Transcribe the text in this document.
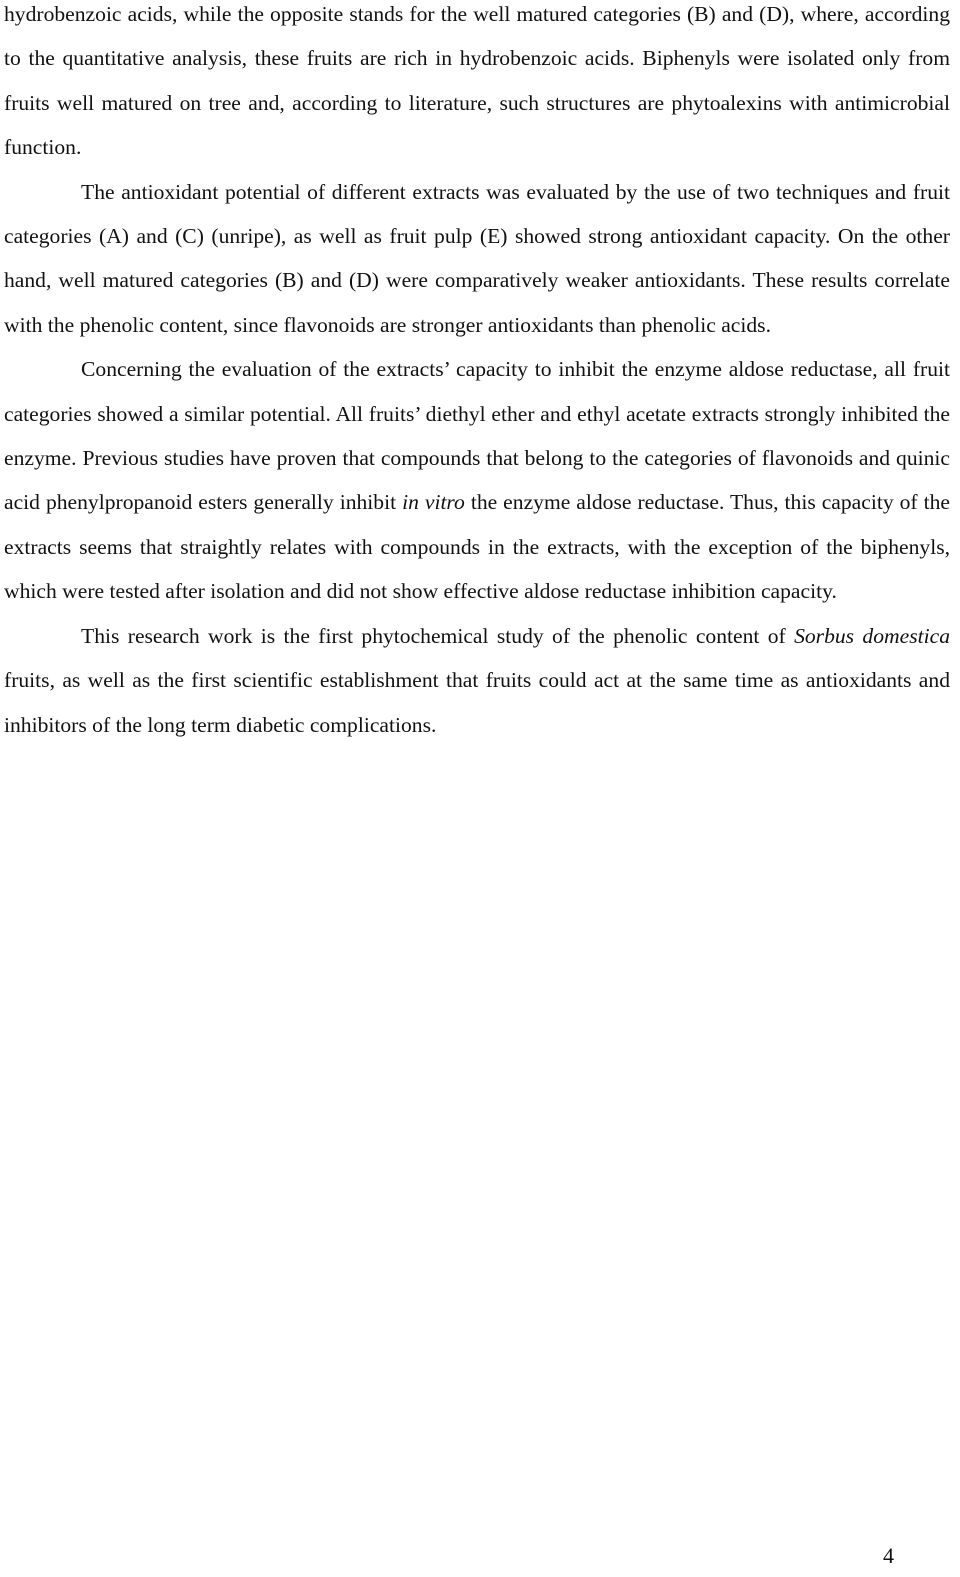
hydrobenzoic acids, while the opposite stands for the well matured categories (B) and (D), where, according to the quantitative analysis, these fruits are rich in hydrobenzoic acids. Biphenyls were isolated only from fruits well matured on tree and, according to literature, such structures are phytoalexins with antimicrobial function.

The antioxidant potential of different extracts was evaluated by the use of two techniques and fruit categories (A) and (C) (unripe), as well as fruit pulp (E) showed strong antioxidant capacity. On the other hand, well matured categories (B) and (D) were comparatively weaker antioxidants. These results correlate with the phenolic content, since flavonoids are stronger antioxidants than phenolic acids.

Concerning the evaluation of the extracts’ capacity to inhibit the enzyme aldose reductase, all fruit categories showed a similar potential. All fruits’ diethyl ether and ethyl acetate extracts strongly inhibited the enzyme. Previous studies have proven that compounds that belong to the categories of flavonoids and quinic acid phenylpropanoid esters generally inhibit in vitro the enzyme aldose reductase. Thus, this capacity of the extracts seems that straightly relates with compounds in the extracts, with the exception of the biphenyls, which were tested after isolation and did not show effective aldose reductase inhibition capacity.

This research work is the first phytochemical study of the phenolic content of Sorbus domestica fruits, as well as the first scientific establishment that fruits could act at the same time as antioxidants and inhibitors of the long term diabetic complications.

4
